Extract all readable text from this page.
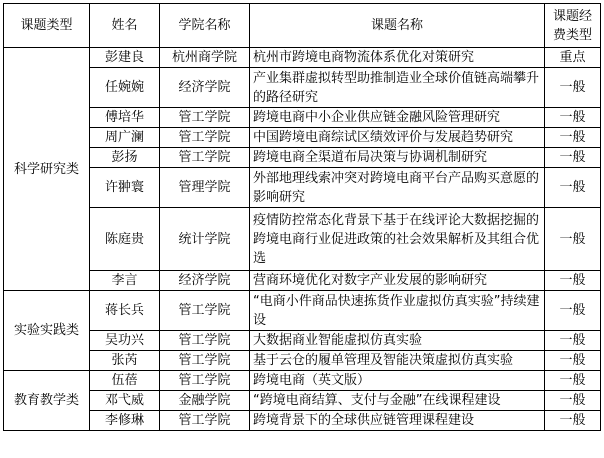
课题类型	姓名	学院名称	课题名称	课题经费类型
科学研究类	彭建良	杭州商学院	杭州市跨境电商物流体系优化对策研究	重点
	任婉婉	经济学院	产业集群虚拟转型助推制造业全球价值链高端攀升的路径研究	一般
	傅培华	管工学院	跨境电商中小企业供应链金融风险管理研究	一般
	周广澜	管工学院	中国跨境电商综试区绩效评价与发展趋势研究	一般
	彭扬	管工学院	跨境电商全渠道布局决策与协调机制研究	一般
	许翀寰	管理学院	外部地理线索冲突对跨境电商平台产品购买意愿的影响研究	一般
	陈庭贵	统计学院	疫情防控常态化背景下基于在线评论大数据挖掘的跨境电商行业促进政策的社会效果解析及其组合优选	一般
	李言	经济学院	营商环境优化对数字产业发展的影响研究	一般
实验实践类	蒋长兵	管工学院	“电商小件商品快速拣货作业虚拟仿真实验”持续建设	一般
	吴功兴	管工学院	大数据商业智能虚拟仿真实验	一般
	张芮	管工学院	基于云仓的履单管理及智能决策虚拟仿真实验	一般
教育教学类	伍蓓	管工学院	跨境电商（英文版）	一般
	邓弋威	金融学院	“跨境电商结算、支付与金融”在线课程建设	一般
	李修琳	管工学院	跨境背景下的全球供应链管理课程建设	一般
